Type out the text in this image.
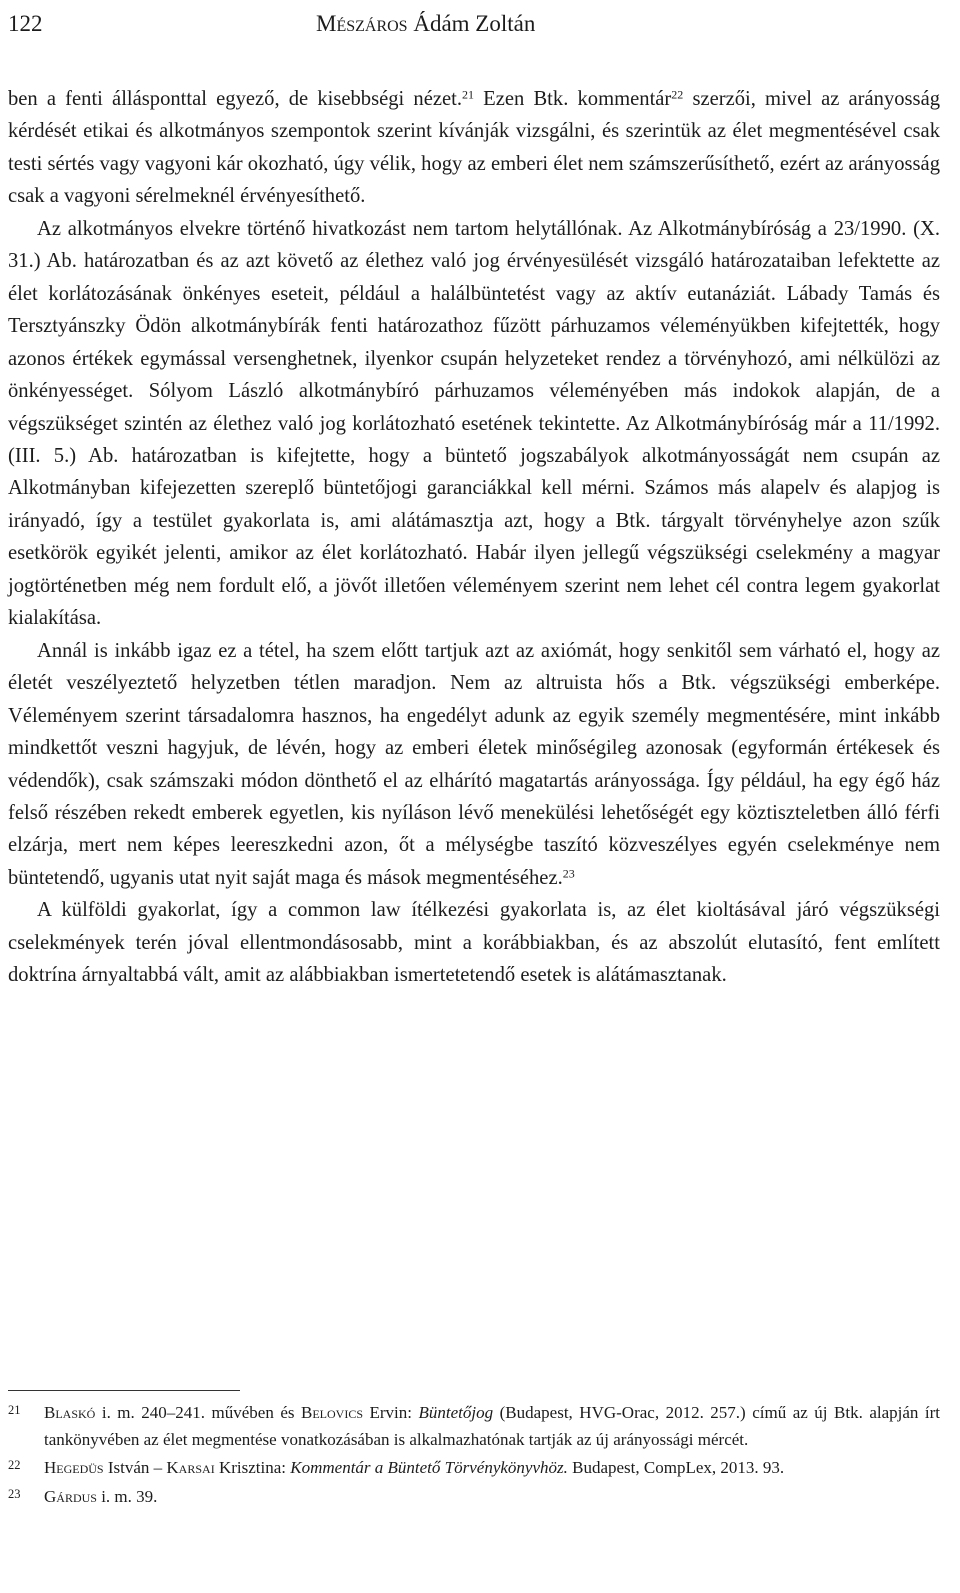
122	Mészáros Ádám Zoltán

ben a fenti állásponttal egyező, de kisebbségi nézet.$^{21}$ Ezen Btk. kommentár$^{22}$ szerzői, mivel az arányosság kérdését etikai és alkotmányos szempontok szerint kívánják vizsgálni, és szerintük az élet megmentésével csak testi sértés vagy vagyoni kár okozható, úgy vélik, hogy az emberi élet nem számszerűsíthető, ezért az arányosság csak a vagyoni sérelmeknél érvényesíthető.

Az alkotmányos elvekre történő hivatkozást nem tartom helytállónak. Az Alkotmánybíróság a 23/1990. (X. 31.) Ab. határozatban és az azt követő az élethez való jog érvényesülését vizsgáló határozataiban lefektette az élet korlátozásának önkényes eseteit, például a halálbüntetést vagy az aktív eutanáziát. Lábady Tamás és Tersztyánszky Ödön alkotmánybírák fenti határozathoz fűzött párhuzamos véleményükben kifejtették, hogy azonos értékek egymással versenghetnek, ilyenkor csupán helyzeteket rendez a törvényhozó, ami nélkülözi az önkényességet. Sólyom László alkotmánybíró párhuzamos véleményében más indokok alapján, de a végszükséget szintén az élethez való jog korlátozható esetének tekintette. Az Alkotmánybíróság már a 11/1992. (III. 5.) Ab. határozatban is kifejtette, hogy a büntető jogszabályok alkotmányosságát nem csupán az Alkotmányban kifejezetten szereplő büntetőjogi garanciákkal kell mérni. Számos más alapelv és alapjog is irányadó, így a testület gyakorlata is, ami alátámasztja azt, hogy a Btk. tárgyalt törvényhelye azon szűk esetkörök egyikét jelenti, amikor az élet korlátozható. Habár ilyen jellegű végszükségi cselekmény a magyar jogtörténetben még nem fordult elő, a jövőt illetően véleményem szerint nem lehet cél contra legem gyakorlat kialakítása.

Annál is inkább igaz ez a tétel, ha szem előtt tartjuk azt az axiómát, hogy senkitől sem várható el, hogy az életét veszélyeztető helyzetben tétlen maradjon. Nem az altruista hős a Btk. végszükségi emberképe. Véleményem szerint társadalomra hasznos, ha engedélyt adunk az egyik személy megmentésére, mint inkább mindkettőt veszni hagyjuk, de lévén, hogy az emberi életek minőségileg azonosak (egyformán értékesek és védendők), csak számszaki módon dönthető el az elhárító magatartás arányossága. Így például, ha egy égő ház felső részében rekedt emberek egyetlen, kis nyíláson lévő menekülési lehetőségét egy köztiszteletben álló férfi elzárja, mert nem képes leereszkedni azon, őt a mélységbe taszító közveszélyes egyén cselekménye nem büntetendő, ugyanis utat nyit saját maga és mások megmentéséhez.$^{23}$

A külföldi gyakorlat, így a common law ítélkezési gyakorlata is, az élet kioltásával járó végszükségi cselekmények terén jóval ellentmondásosabb, mint a korábbiakban, és az abszolút elutasító, fent említett doktrína árnyaltabbá vált, amit az alábbiakban ismertetetendő esetek is alátámasztanak.

21 Blaskó i. m. 240–241. művében és Belovics Ervin: Büntetőjog (Budapest, HVG-Orac, 2012. 257.) című az új Btk. alapján írt tankönyvében az élet megmentése vonatkozásában is alkalmazhatónak tartják az új arányossági mércét.
22 Hegedüs István – Karsai Krisztina: Kommentár a Büntető Törvénykönyvhöz. Budapest, CompLex, 2013. 93.
23 Gárdus i. m. 39.
